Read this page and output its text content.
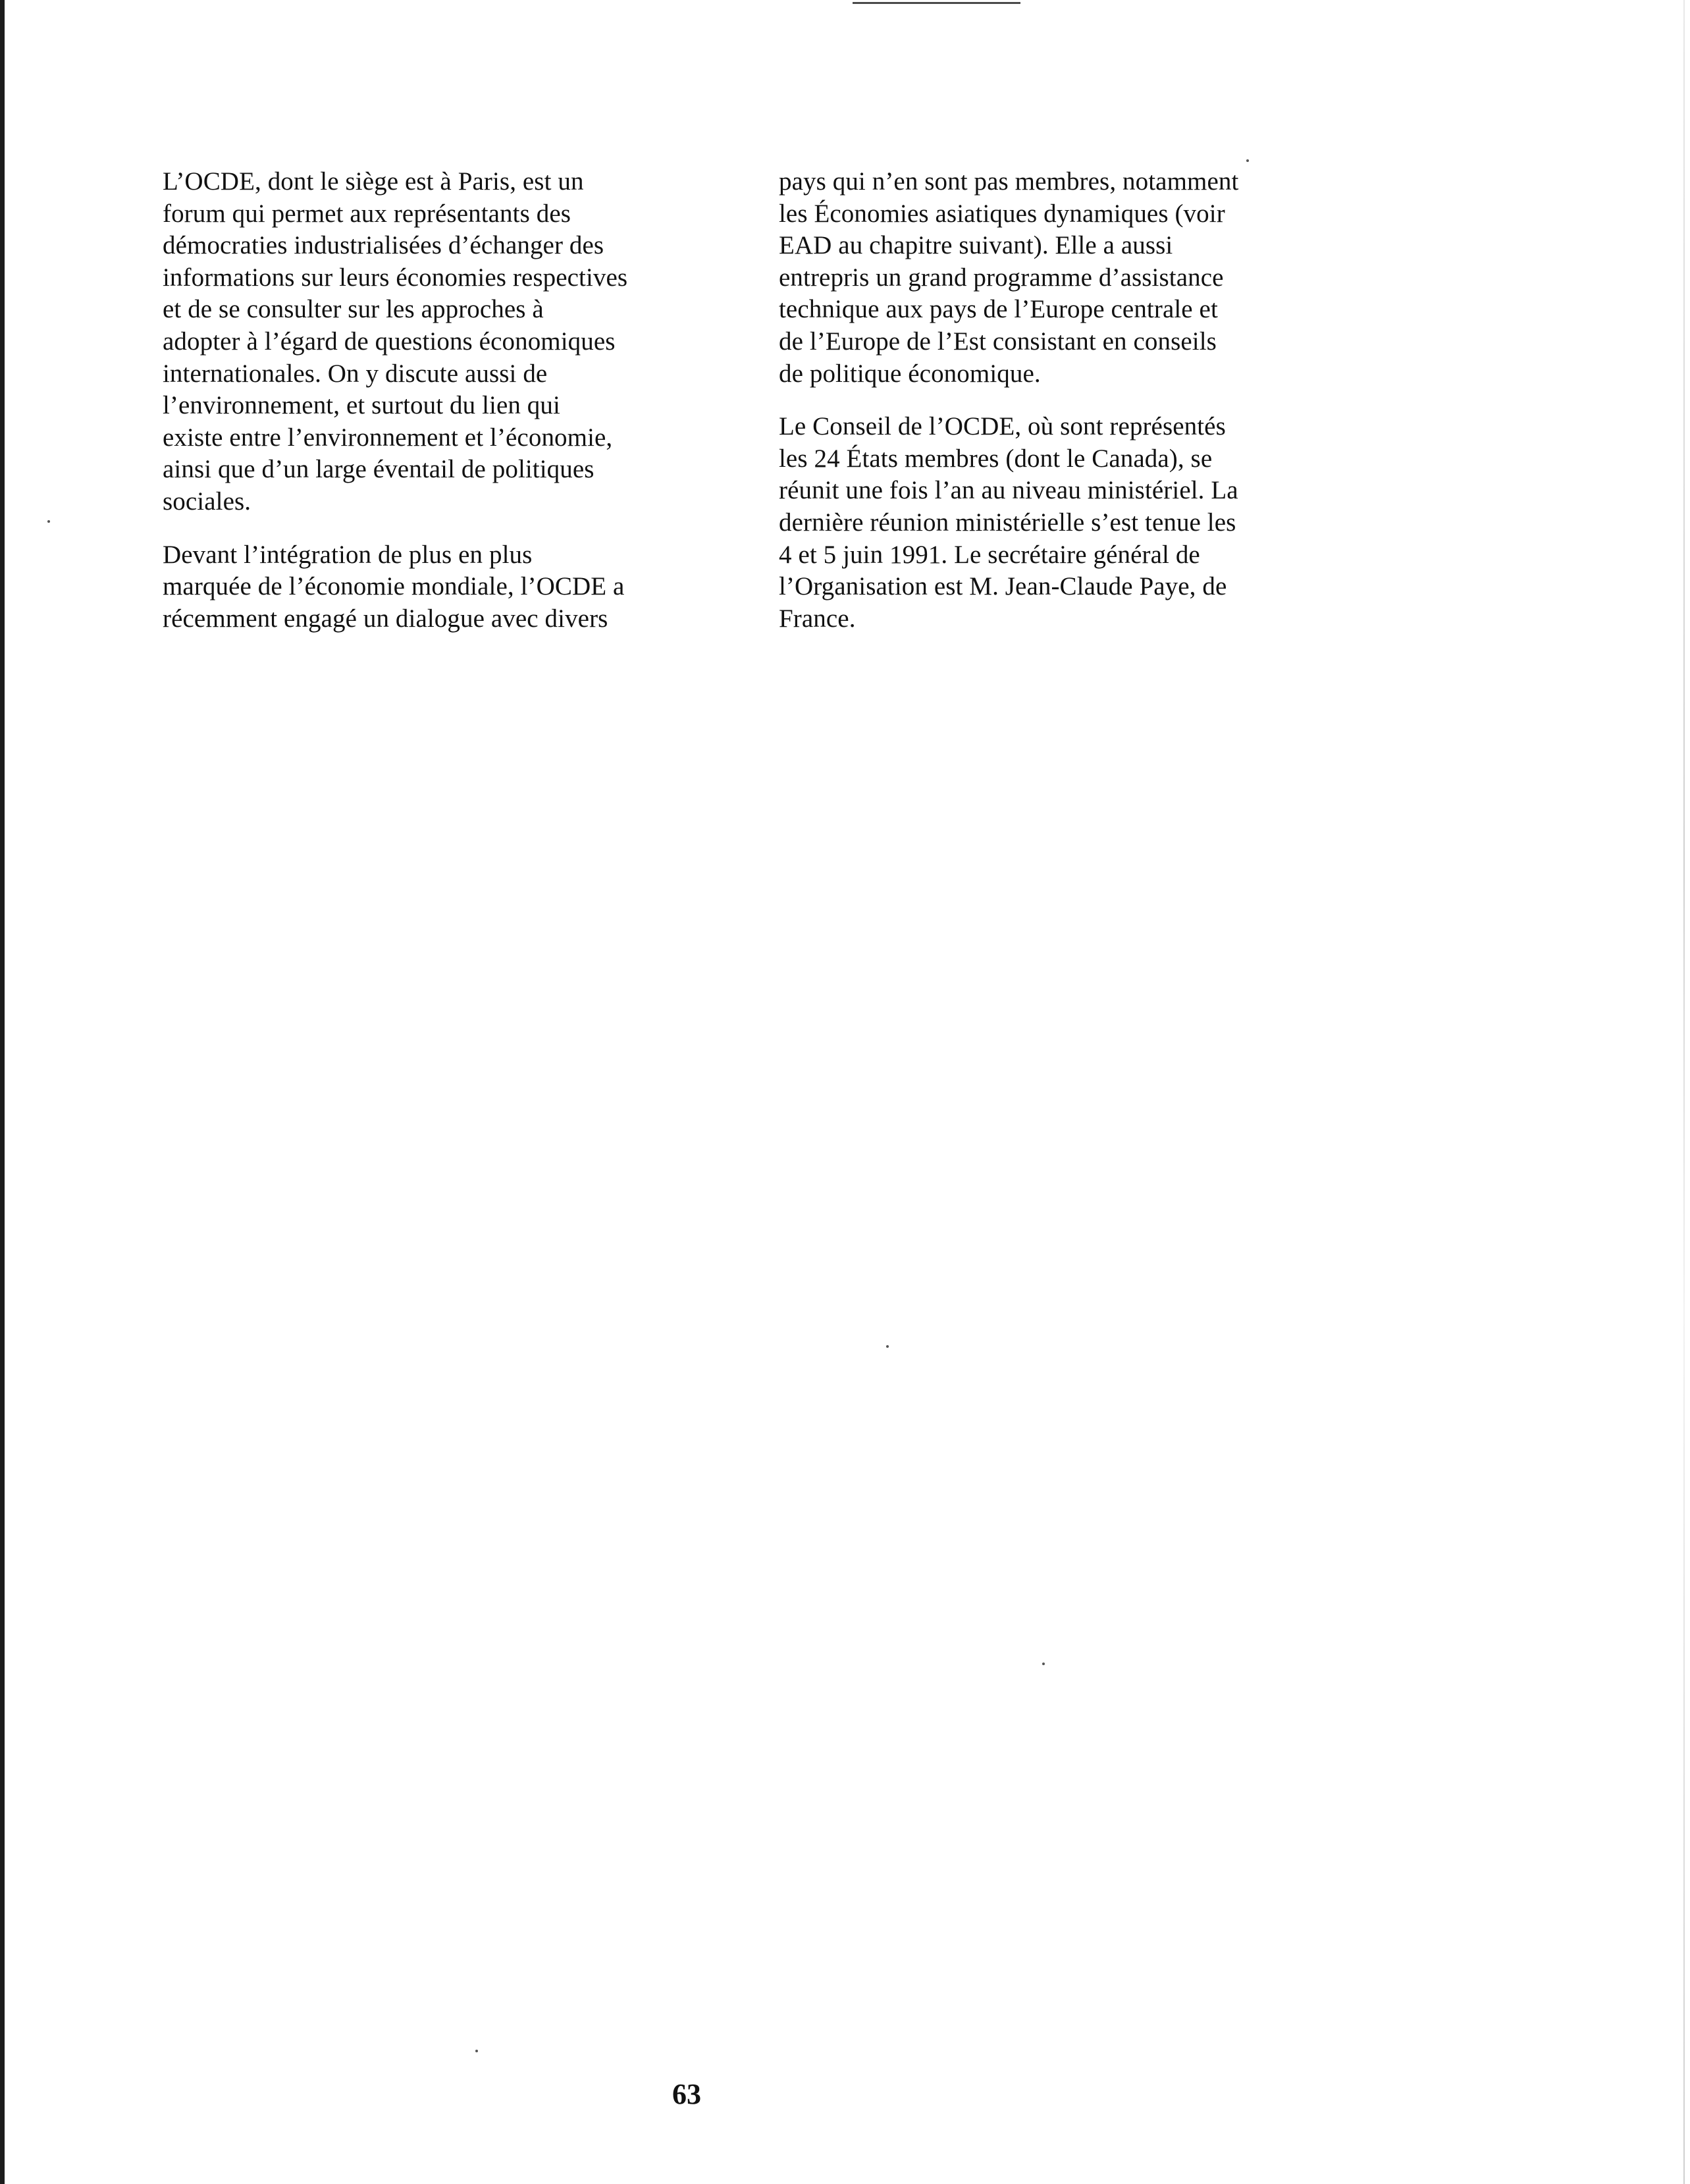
L’OCDE, dont le siège est à Paris, est un
forum qui permet aux représentants des
démocraties industrialisées d’échanger des
informations sur leurs économies respectives
et de se consulter sur les approches à
adopter à l’égard de questions économiques
internationales. On y discute aussi de
l’environnement, et surtout du lien qui
existe entre l’environnement et l’économie,
ainsi que d’un large éventail de politiques
sociales.

Devant l’intégration de plus en plus
marquée de l’économie mondiale, l’OCDE a
récemment engagé un dialogue avec divers

pays qui n’en sont pas membres, notamment
les Économies asiatiques dynamiques (voir
EAD au chapitre suivant). Elle a aussi
entrepris un grand programme d’assistance
technique aux pays de l’Europe centrale et
de l’Europe de l’Est consistant en conseils
de politique économique.

Le Conseil de l’OCDE, où sont représentés
les 24 États membres (dont le Canada), se
réunit une fois l’an au niveau ministériel. La
dernière réunion ministérielle s’est tenue les
4 et 5 juin 1991. Le secrétaire général de
l’Organisation est M. Jean-Claude Paye, de
France.

63
